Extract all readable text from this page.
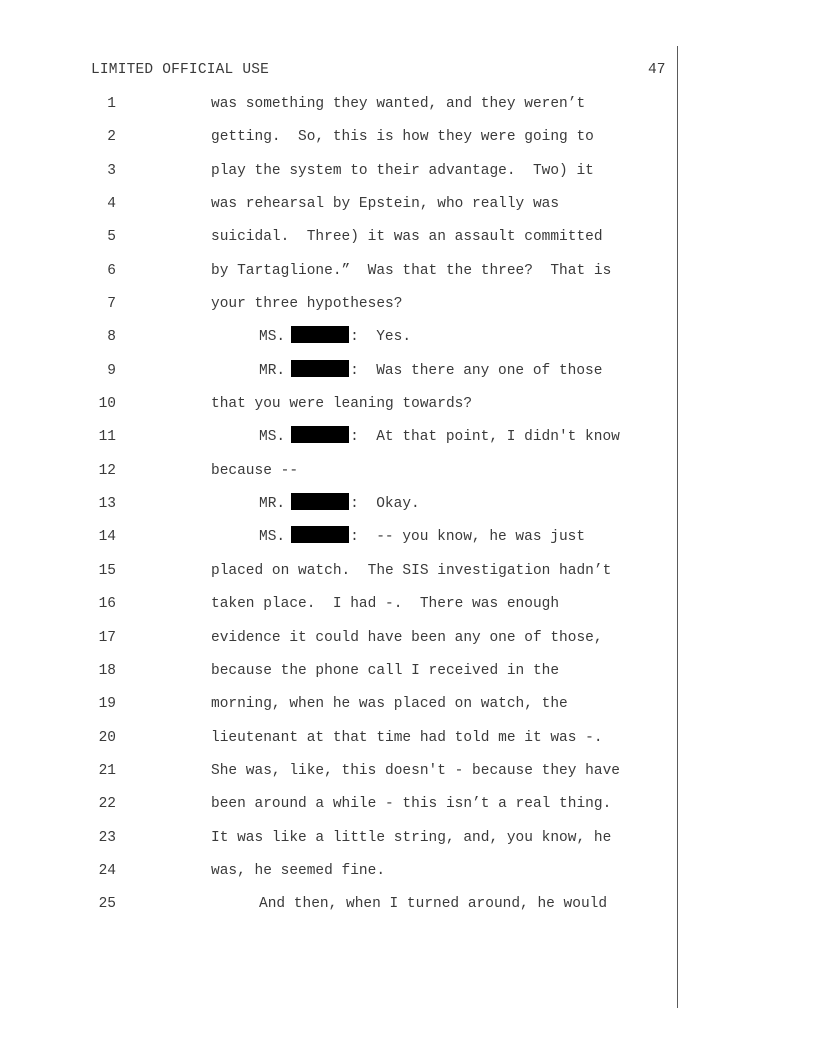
LIMITED OFFICIAL USE	47

1

	was something they wanted, and they weren’t

2

	getting.  So, this is how they were going to

3

	play the system to their advantage.  Two) it

4

	was rehearsal by Epstein, who really was

5

	suicidal.  Three) it was an assault committed

6

	by Tartaglione.”  Was that the three?  That is

7

	your three hypotheses?

8

	MS.	:  Yes.

9

	MR.	:  Was there any one of those

10

	that you were leaning towards?

11

	MS.	:  At that point, I didn't know

12

	because --

13

	MR.	:  Okay.

14

	MS.	:  -- you know, he was just

15

	placed on watch.  The SIS investigation hadn’t

16

	taken place.  I had -.  There was enough

17

	evidence it could have been any one of those,

18

	because the phone call I received in the

19

	morning, when he was placed on watch, the

20

	lieutenant at that time had told me it was -.

21

	She was, like, this doesn't - because they have

22

	been around a while - this isn’t a real thing.

23

	It was like a little string, and, you know, he

24

	was, he seemed fine.

25

	And then, when I turned around, he would
